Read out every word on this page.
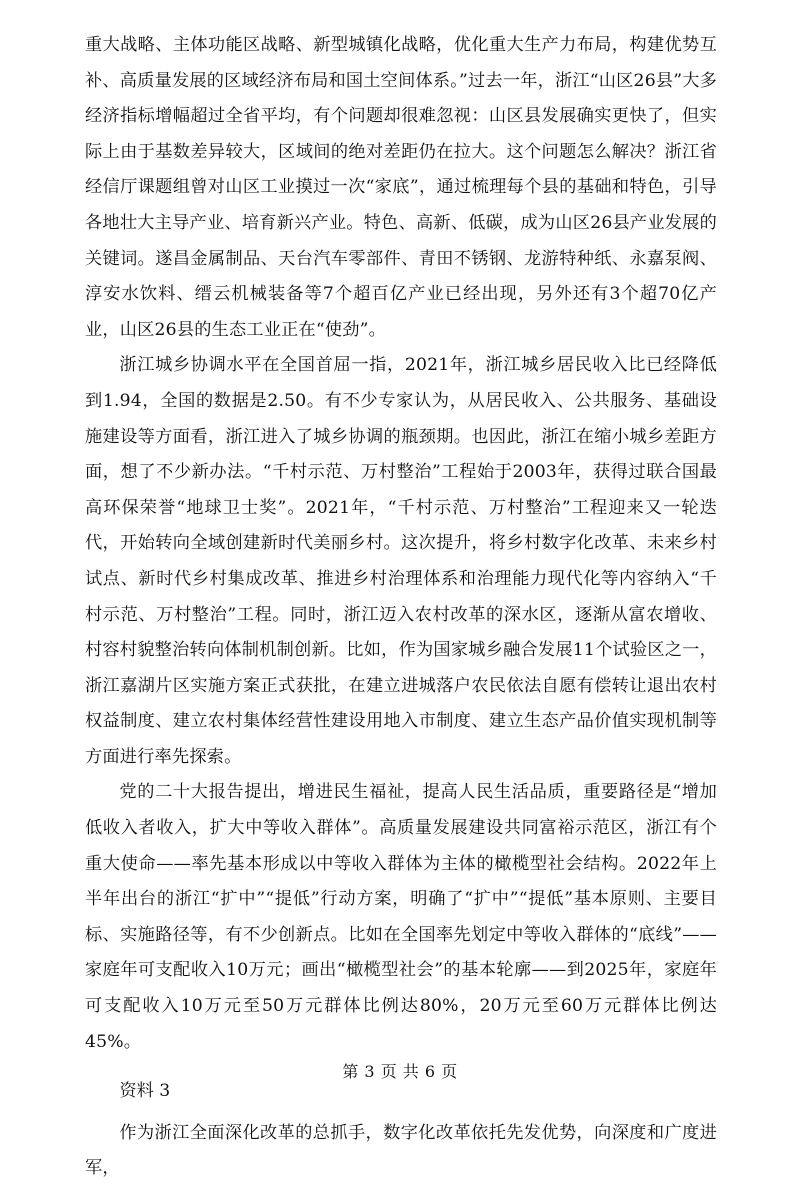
重大战略、主体功能区战略、新型城镇化战略，优化重大生产力布局，构建优势互补、高质量发展的区域经济布局和国土空间体系。”过去一年，浙江“山区26县”大多经济指标增幅超过全省平均，有个问题却很难忽视：山区县发展确实更快了，但实际上由于基数差异较大，区域间的绝对差距仍在拉大。这个问题怎么解决？浙江省经信厅课题组曾对山区工业摸过一次“家底”，通过梳理每个县的基础和特色，引导各地壮大主导产业、培育新兴产业。特色、高新、低碳，成为山区26县产业发展的关键词。遂昌金属制品、天台汽车零部件、青田不锈钢、龙游特种纸、永嘉泵阀、淳安水饮料、缙云机械装备等7个超百亿产业已经出现，另外还有3个超70亿产业，山区26县的生态工业正在“使劲”。

浙江城乡协调水平在全国首屈一指，2021年，浙江城乡居民收入比已经降低到1.94，全国的数据是2.50。有不少专家认为，从居民收入、公共服务、基础设施建设等方面看，浙江进入了城乡协调的瓶颈期。也因此，浙江在缩小城乡差距方面，想了不少新办法。“千村示范、万村整治”工程始于2003年，获得过联合国最高环保荣誉“地球卫士奖”。2021年，“千村示范、万村整治”工程迎来又一轮迭代，开始转向全域创建新时代美丽乡村。这次提升，将乡村数字化改革、未来乡村试点、新时代乡村集成改革、推进乡村治理体系和治理能力现代化等内容纳入“千村示范、万村整治”工程。同时，浙江迈入农村改革的深水区，逐渐从富农增收、村容村貌整治转向体制机制创新。比如，作为国家城乡融合发展11个试验区之一，浙江嘉湖片区实施方案正式获批，在建立进城落户农民依法自愿有偿转让退出农村权益制度、建立农村集体经营性建设用地入市制度、建立生态产品价值实现机制等方面进行率先探索。

党的二十大报告提出，增进民生福祉，提高人民生活品质，重要路径是“增加低收入者收入，扩大中等收入群体”。高质量发展建设共同富裕示范区，浙江有个重大使命——率先基本形成以中等收入群体为主体的橄榄型社会结构。2022年上半年出台的浙江“扩中”“提低”行动方案，明确了“扩中”“提低”基本原则、主要目标、实施路径等，有不少创新点。比如在全国率先划定中等收入群体的“底线”——家庭年可支配收入10万元；画出“橄榄型社会”的基本轮廓——到2025年，家庭年可支配收入10万元至50万元群体比例达80%，20万元至60万元群体比例达45%。

资料 3

作为浙江全面深化改革的总抓手，数字化改革依托先发优势，向深度和广度进军，

第 3 页 共 6 页
